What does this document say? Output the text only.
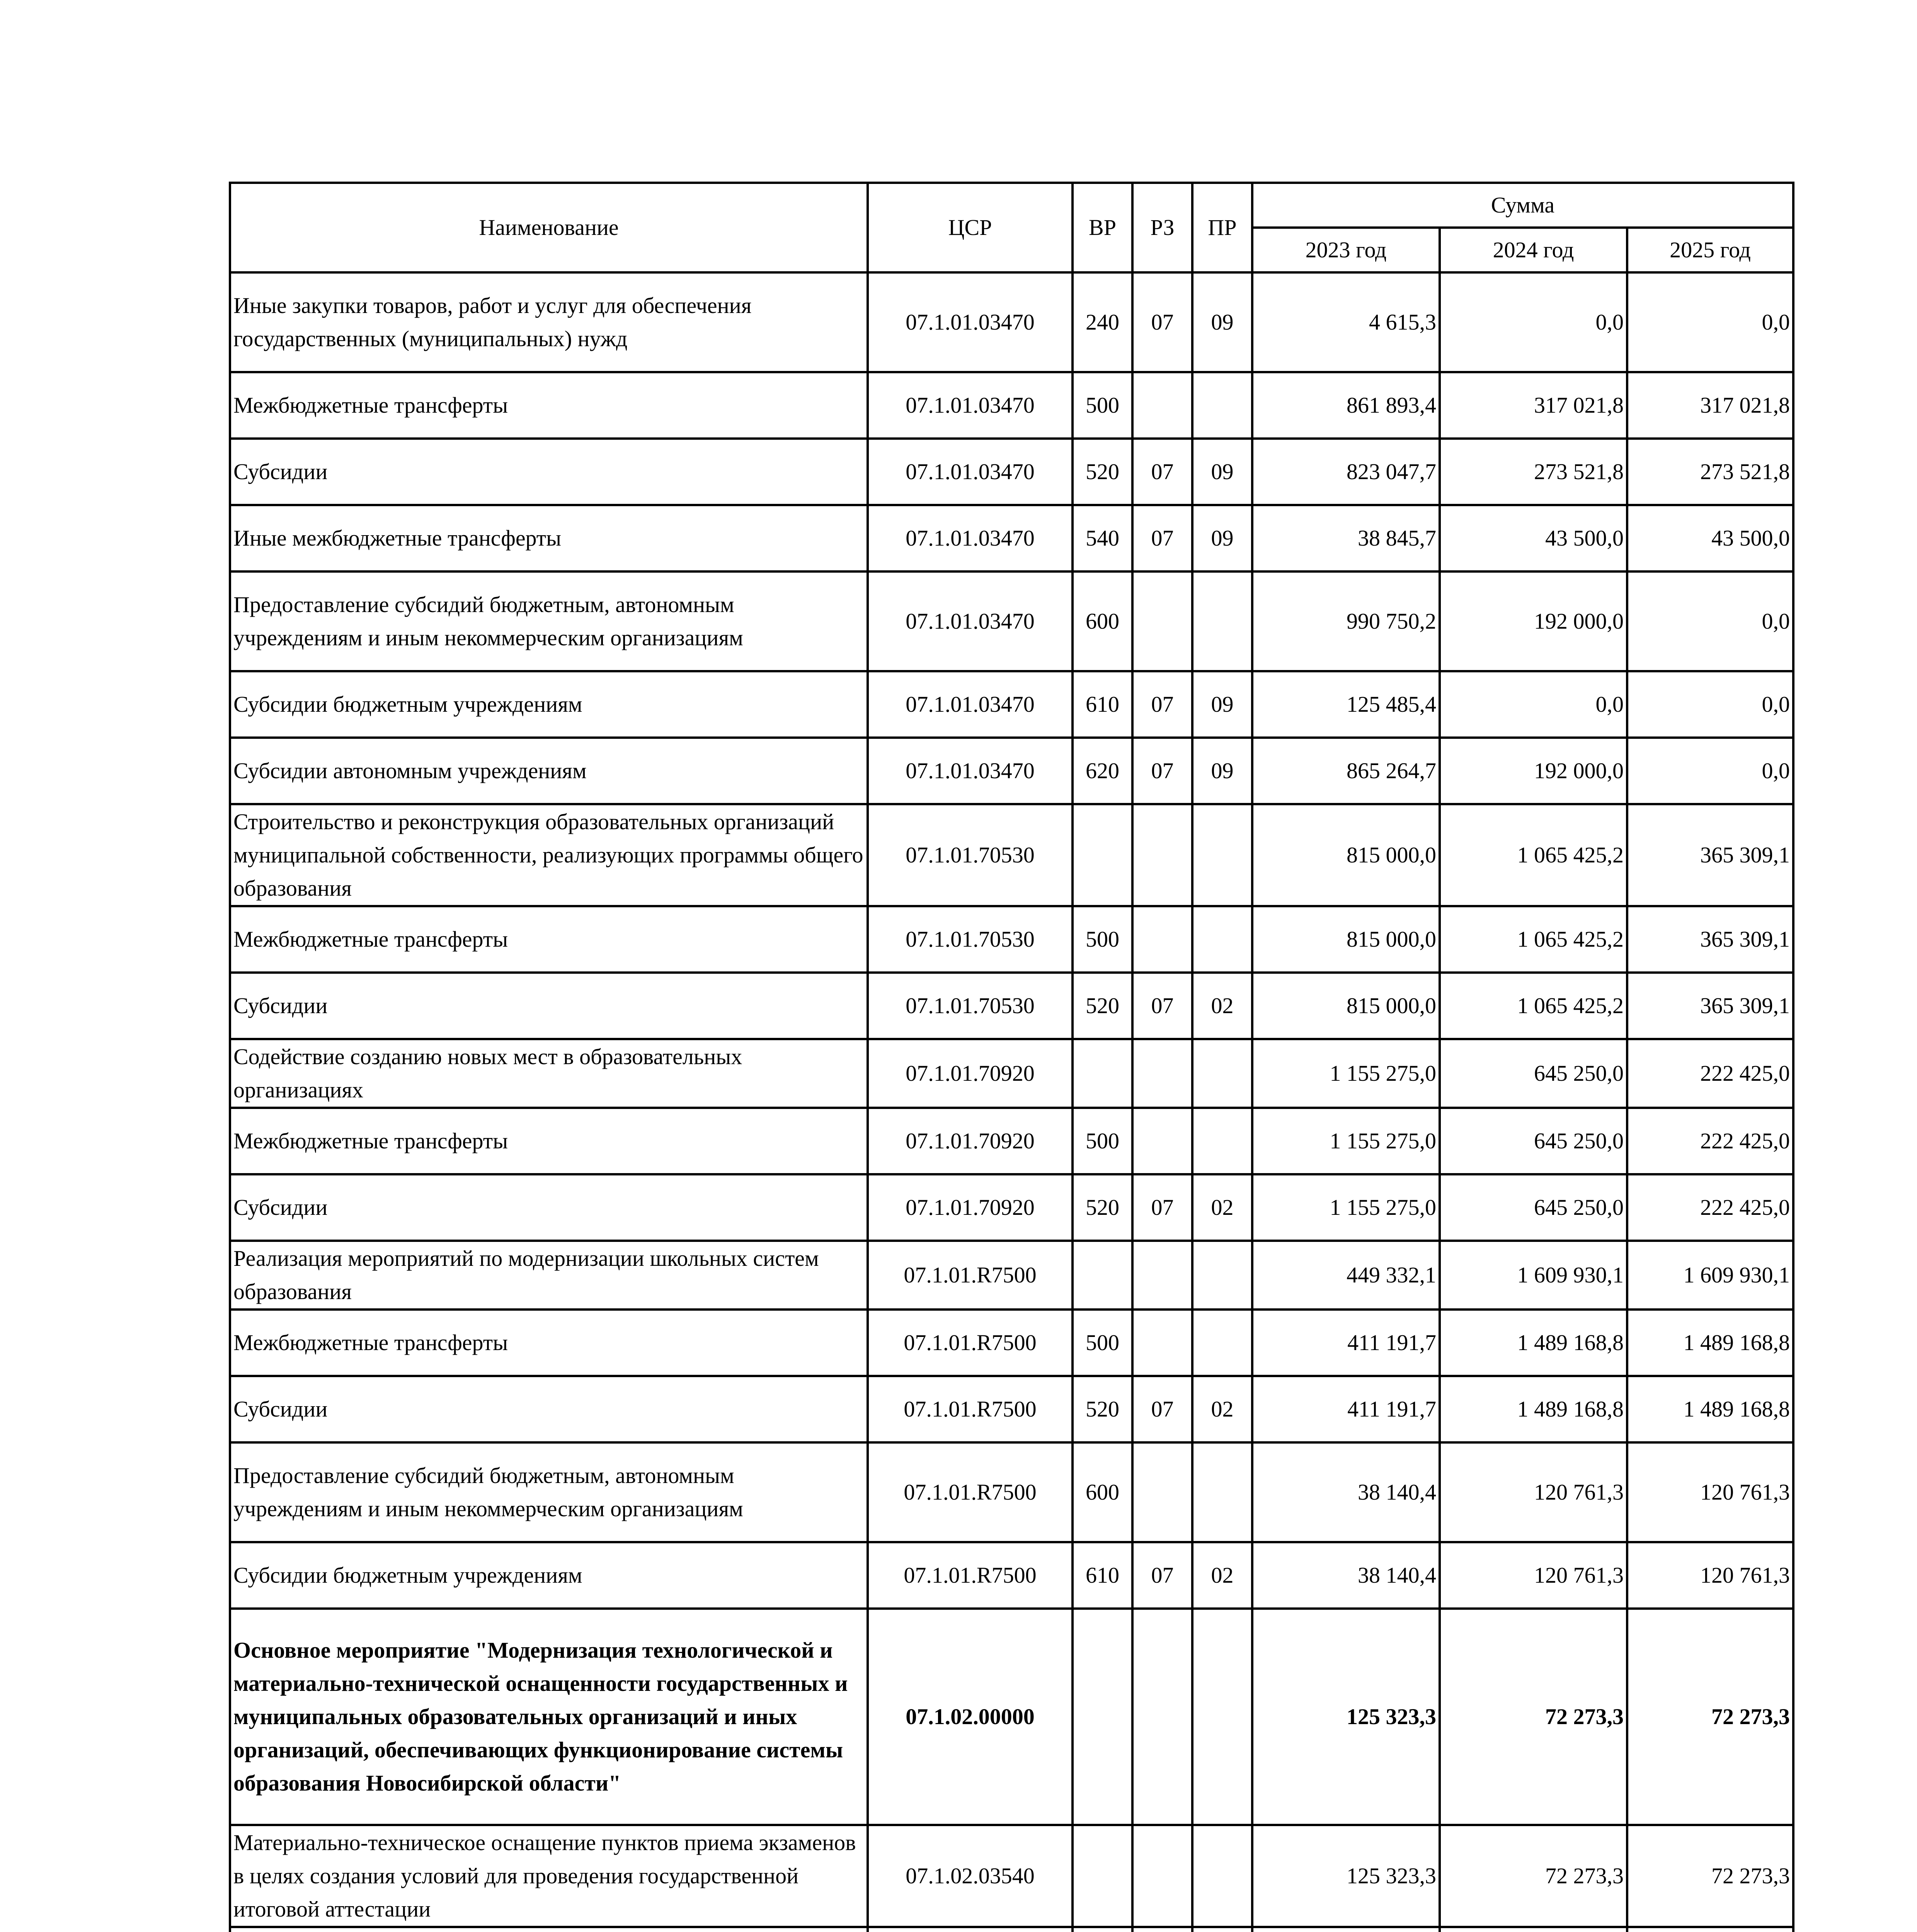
Наименование	ЦСР	ВР	РЗ	ПР	Сумма		
					2023 год	2024 год	2025 год
Иные закупки товаров, работ и услуг для обеспечения государственных (муниципальных) нужд	07.1.01.03470	240	07	09	4 615,3	0,0	0,0
Межбюджетные трансферты	07.1.01.03470	500			861 893,4	317 021,8	317 021,8
Субсидии	07.1.01.03470	520	07	09	823 047,7	273 521,8	273 521,8
Иные межбюджетные трансферты	07.1.01.03470	540	07	09	38 845,7	43 500,0	43 500,0
Предоставление субсидий бюджетным, автономным учреждениям и иным некоммерческим организациям	07.1.01.03470	600			990 750,2	192 000,0	0,0
Субсидии бюджетным учреждениям	07.1.01.03470	610	07	09	125 485,4	0,0	0,0
Субсидии автономным учреждениям	07.1.01.03470	620	07	09	865 264,7	192 000,0	0,0
Строительство и реконструкция образовательных организаций муниципальной собственности, реализующих программы общего образования	07.1.01.70530				815 000,0	1 065 425,2	365 309,1
Межбюджетные трансферты	07.1.01.70530	500			815 000,0	1 065 425,2	365 309,1
Субсидии	07.1.01.70530	520	07	02	815 000,0	1 065 425,2	365 309,1
Содействие созданию новых мест в образовательных организациях	07.1.01.70920				1 155 275,0	645 250,0	222 425,0
Межбюджетные трансферты	07.1.01.70920	500			1 155 275,0	645 250,0	222 425,0
Субсидии	07.1.01.70920	520	07	02	1 155 275,0	645 250,0	222 425,0
Реализация мероприятий по модернизации школьных систем образования	07.1.01.R7500				449 332,1	1 609 930,1	1 609 930,1
Межбюджетные трансферты	07.1.01.R7500	500			411 191,7	1 489 168,8	1 489 168,8
Субсидии	07.1.01.R7500	520	07	02	411 191,7	1 489 168,8	1 489 168,8
Предоставление субсидий бюджетным, автономным учреждениям и иным некоммерческим организациям	07.1.01.R7500	600			38 140,4	120 761,3	120 761,3
Субсидии бюджетным учреждениям	07.1.01.R7500	610	07	02	38 140,4	120 761,3	120 761,3
Основное мероприятие "Модернизация технологической и материально-технической оснащенности государственных и муниципальных образовательных организаций и иных организаций, обеспечивающих функционирование системы образования Новосибирской области"	07.1.02.00000				125 323,3	72 273,3	72 273,3
Материально-техническое оснащение пунктов приема экзаменов в целях создания условий для проведения государственной итоговой аттестации	07.1.02.03540				125 323,3	72 273,3	72 273,3
